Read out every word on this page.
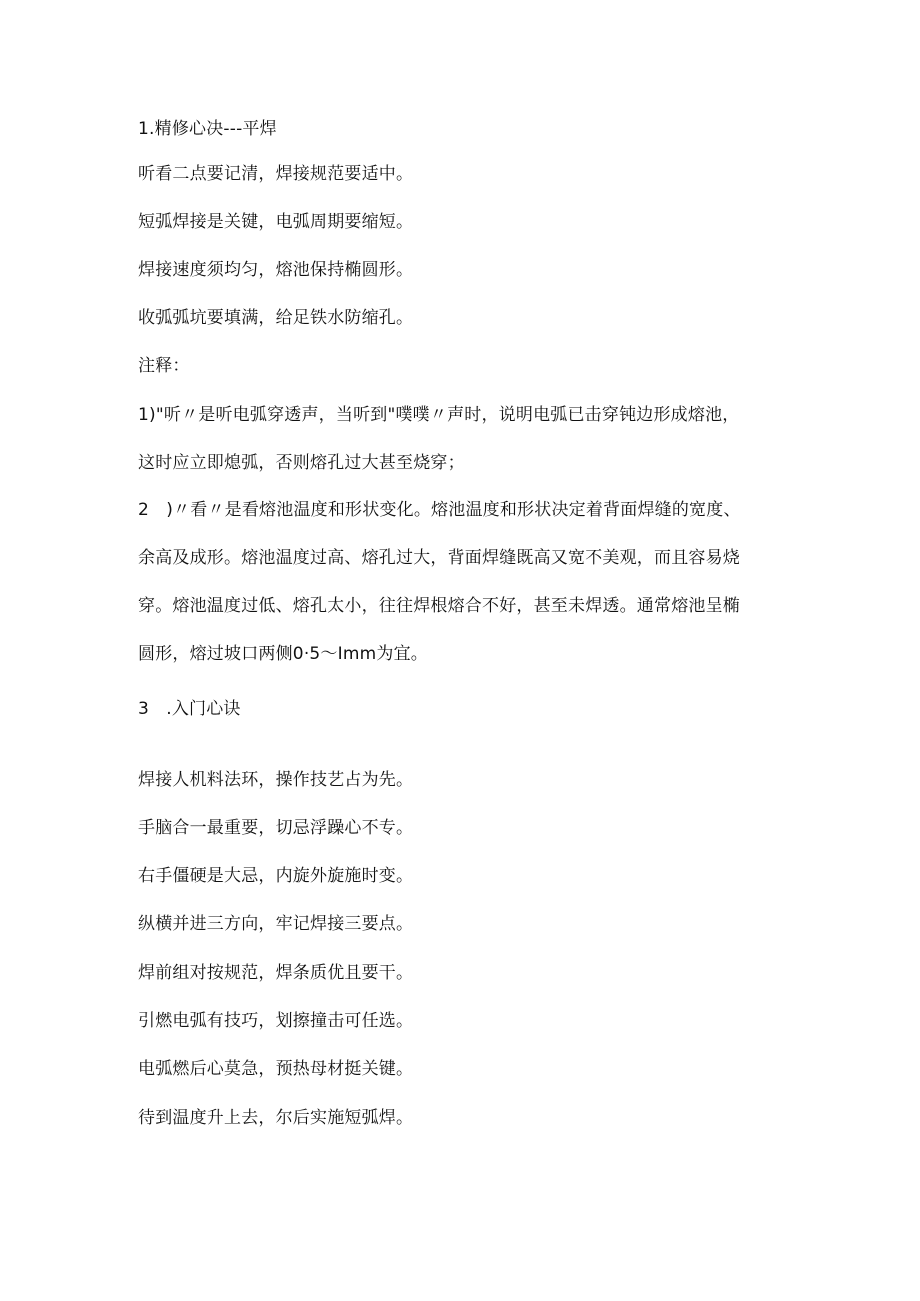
1.精修心决---平焊
听看二点要记清，焊接规范要适中。
短弧焊接是关键，电弧周期要缩短。
焊接速度须均匀，熔池保持椭圆形。
收弧弧坑要填满，给足铁水防缩孔。
注释：
1)"听〃是听电弧穿透声，当听到"噗噗〃声时，说明电弧已击穿钝边形成熔池，
这时应立即熄弧，否则熔孔过大甚至烧穿；
2　)〃看〃是看熔池温度和形状变化。熔池温度和形状决定着背面焊缝的宽度、
余高及成形。熔池温度过高、熔孔过大，背面焊缝既高又宽不美观，而且容易烧
穿。熔池温度过低、熔孔太小，往往焊根熔合不好，甚至未焊透。通常熔池呈椭
圆形，熔过坡口两侧0·5～Imm为宜。
3　.入门心诀
焊接人机料法环，操作技艺占为先。
手脑合一最重要，切忌浮躁心不专。
右手僵硬是大忌，内旋外旋施时变。
纵横并进三方向，牢记焊接三要点。
焊前组对按规范，焊条质优且要干。
引燃电弧有技巧，划擦撞击可任选。
电弧燃后心莫急，预热母材挺关键。
待到温度升上去，尔后实施短弧焊。
